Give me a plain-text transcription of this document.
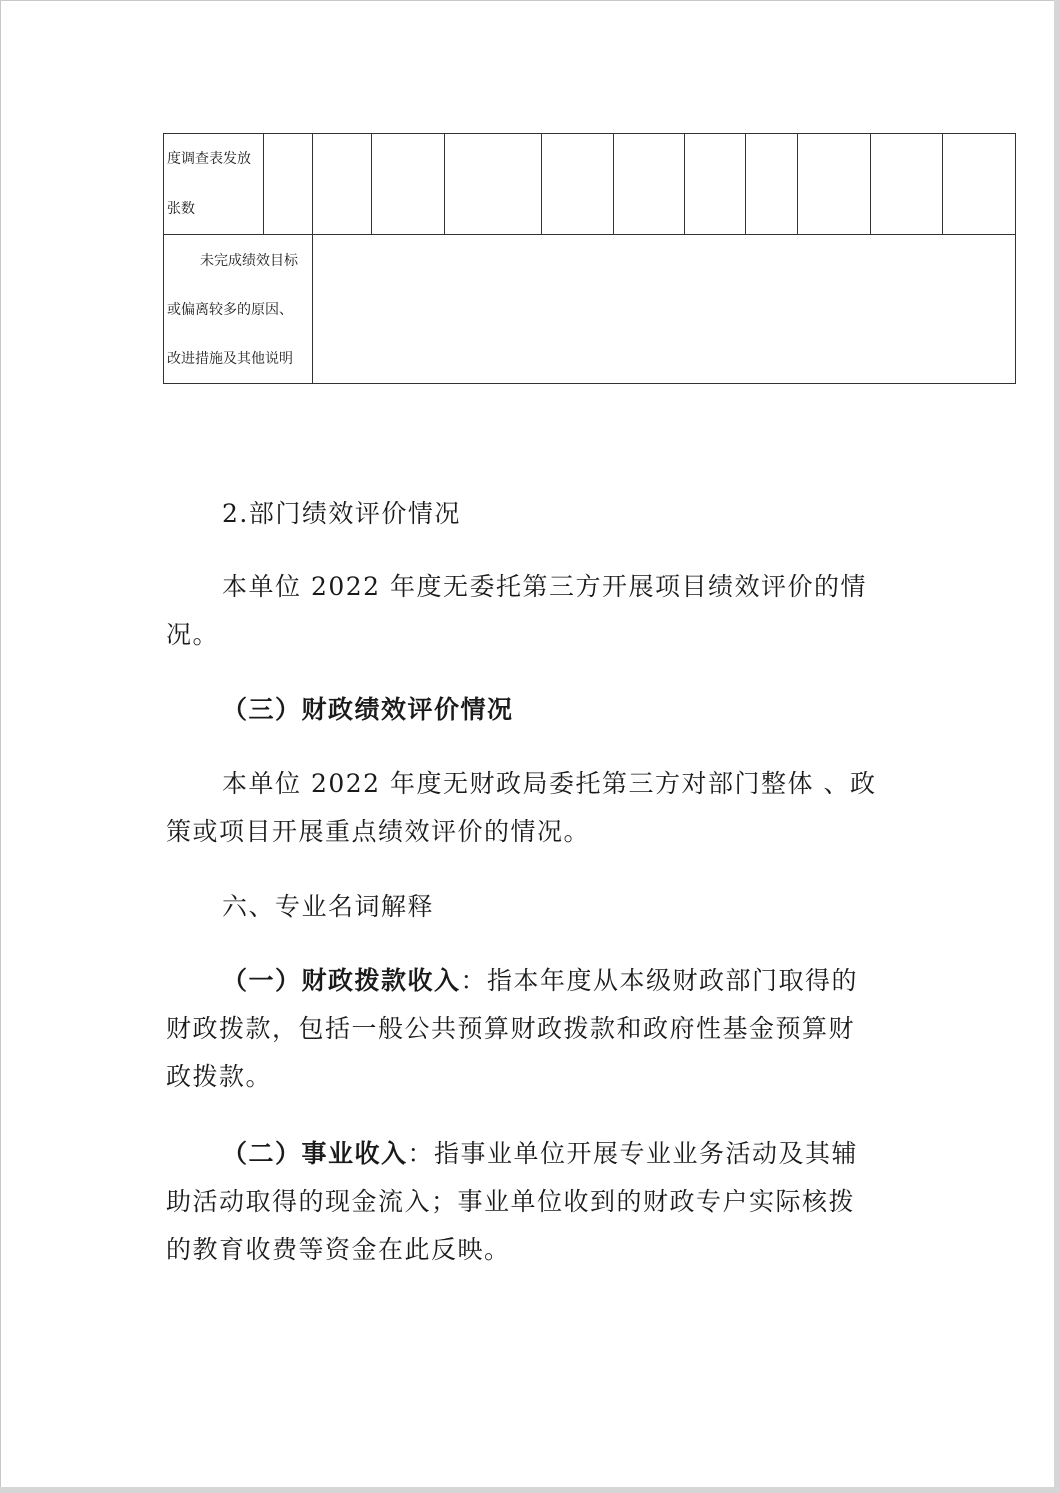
度调查表发放
张数											

未完成绩效目标
或偏离较多的原因、
改进措施及其他说明											

2.部门绩效评价情况

本单位 2022 年度无委托第三方开展项目绩效评价的情
况。

（三）财政绩效评价情况

本单位 2022 年度无财政局委托第三方对部门整体 、政
策或项目开展重点绩效评价的情况。

六、专业名词解释

（一）财政拨款收入：指本年度从本级财政部门取得的
财政拨款，包括一般公共预算财政拨款和政府性基金预算财
政拨款。

（二）事业收入：指事业单位开展专业业务活动及其辅
助活动取得的现金流入；事业单位收到的财政专户实际核拨
的教育收费等资金在此反映。
